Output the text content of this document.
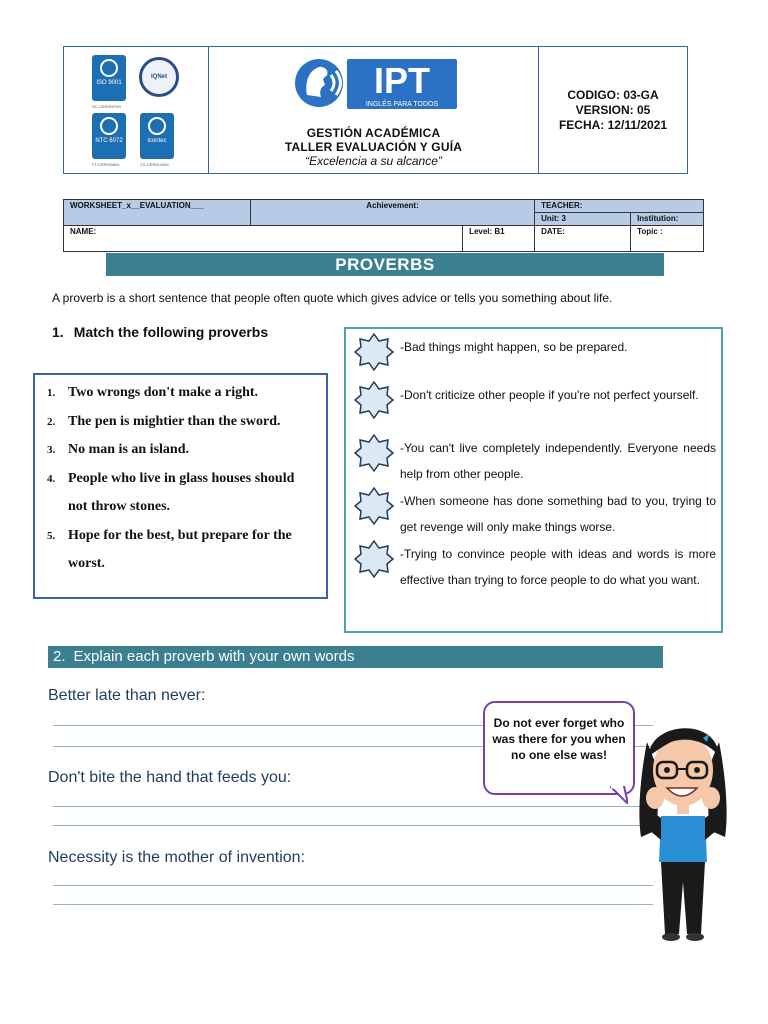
ISO 9001
IQNet
SC-CER920793
NTC 6072	icontec
FT-CER920661	CS-CER513464
IPT
INGLÉS PARA TODOS
GESTIÓN ACADÉMICA
TALLER EVALUACIÓN Y GUÍA
“Excelencia a su alcance”
CODIGO: 03-GA
VERSION: 05
FECHA: 12/11/2021
WORKSHEET_x__EVALUATION___	Achievement:		TEACHER:	
			Unit: 3	Institution:
NAME:		Level: B1	DATE:	Topic :
PROVERBS
A proverb is a short sentence that people often quote which gives advice or tells you something about life.
1. Match the following proverbs
1. Two wrongs don't make a right.
2. The pen is mightier than the sword.
3. No man is an island.
4. People who live in glass houses should not throw stones.
5. Hope for the best, but prepare for the worst.
-Bad things might happen, so be prepared.
-Don't criticize other people if you're not perfect yourself.
-You can't live completely independently. Everyone needs help from other people.
-When someone has done something bad to you, trying to get revenge will only make things worse.
-Trying to convince people with ideas and words is more effective than trying to force people to do what you want.
2. Explain each proverb with your own words
Better late than never:
Don't bite the hand that feeds you:
Necessity is the mother of invention:
Do not ever forget who was there for you when no one else was!
